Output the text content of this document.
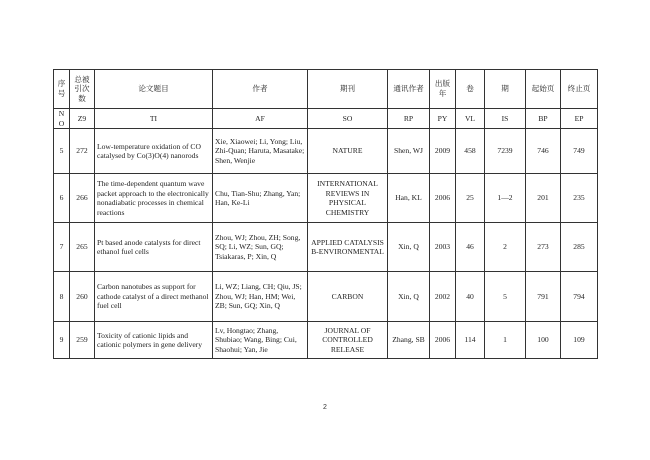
序号	总被引次数	论文题目	作者	期刊	通讯作者	出版年	卷	期	起始页	终止页
N O	Z9	TI	AF	SO	RP	PY	VL	IS	BP	EP
5	272	Low-temperature oxidation of CO catalysed by Co(3)O(4) nanorods	Xie, Xiaowei; Li, Yong; Liu, Zhi-Quan; Haruta, Masatake; Shen, Wenjie	NATURE	Shen, WJ	2009	458	7239	746	749
6	266	The time-dependent quantum wave packet approach to the electronically nonadiabatic processes in chemical reactions	Chu, Tian-Shu; Zhang, Yan; Han, Ke-Li	INTERNATIONAL REVIEWS IN PHYSICAL CHEMISTRY	Han, KL	2006	25	1—2	201	235
7	265	Pt based anode catalysts for direct ethanol fuel cells	Zhou, WJ; Zhou, ZH; Song, SQ; Li, WZ; Sun, GQ; Tsiakaras, P; Xin, Q	APPLIED CATALYSIS B-ENVIRONMENTAL	Xin, Q	2003	46	2	273	285
8	260	Carbon nanotubes as support for cathode catalyst of a direct methanol fuel cell	Li, WZ; Liang, CH; Qiu, JS; Zhou, WJ; Han, HM; Wei, ZB; Sun, GQ; Xin, Q	CARBON	Xin, Q	2002	40	5	791	794
9	259	Toxicity of cationic lipids and cationic polymers in gene delivery	Lv, Hongtao; Zhang, Shubiao; Wang, Bing; Cui, Shaohui; Yan, Jie	JOURNAL OF CONTROLLED RELEASE	Zhang, SB	2006	114	1	100	109
2
